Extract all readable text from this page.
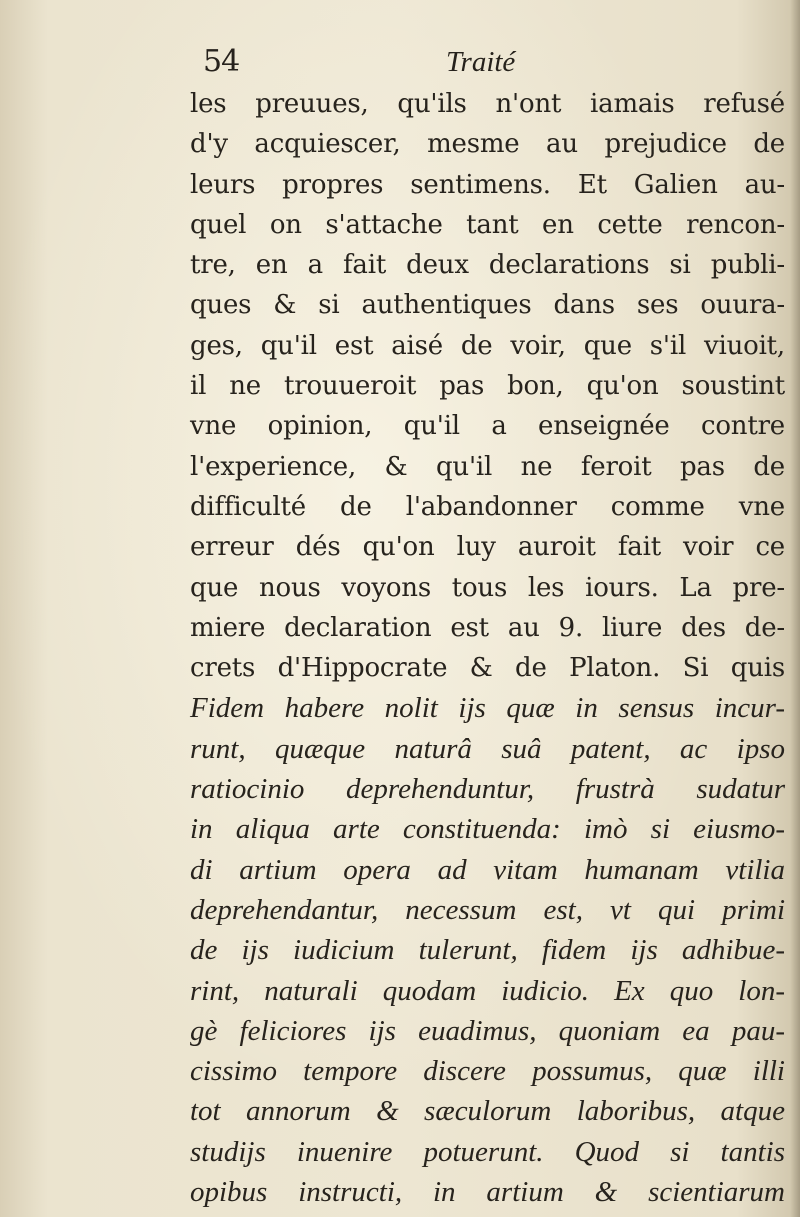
54	Traité
les preuues, qu'ils n'ont iamais refusé
d'y acquiescer, mesme au prejudice de
leurs propres sentimens. Et Galien au-
quel on s'attache tant en cette rencon-
tre, en a fait deux declarations si publi-
ques & si authentiques dans ses ouura-
ges, qu'il est aisé de voir, que s'il viuoit,
il ne trouueroit pas bon, qu'on soustint
vne opinion, qu'il a enseignée contre
l'experience, & qu'il ne feroit pas de
difficulté de l'abandonner comme vne
erreur dés qu'on luy auroit fait voir ce
que nous voyons tous les iours. La pre-
miere declaration est au 9. liure des de-
crets d'Hippocrate & de Platon. Si quis
Fidem habere nolit ijs quæ in sensus incur-
runt, quæque naturâ suâ patent, ac ipso
ratiocinio deprehenduntur, frustrà sudatur
in aliqua arte constituenda: imò si eiusmo-
di artium opera ad vitam humanam vtilia
deprehendantur, necessum est, vt qui primi
de ijs iudicium tulerunt, fidem ijs adhibue-
rint, naturali quodam iudicio. Ex quo lon-
gè feliciores ijs euadimus, quoniam ea pau-
cissimo tempore discere possumus, quæ illi
tot annorum & sæculorum laboribus, atque
studijs inuenire potuerunt. Quod si tantis
opibus instructi, in artium & scientiarum
